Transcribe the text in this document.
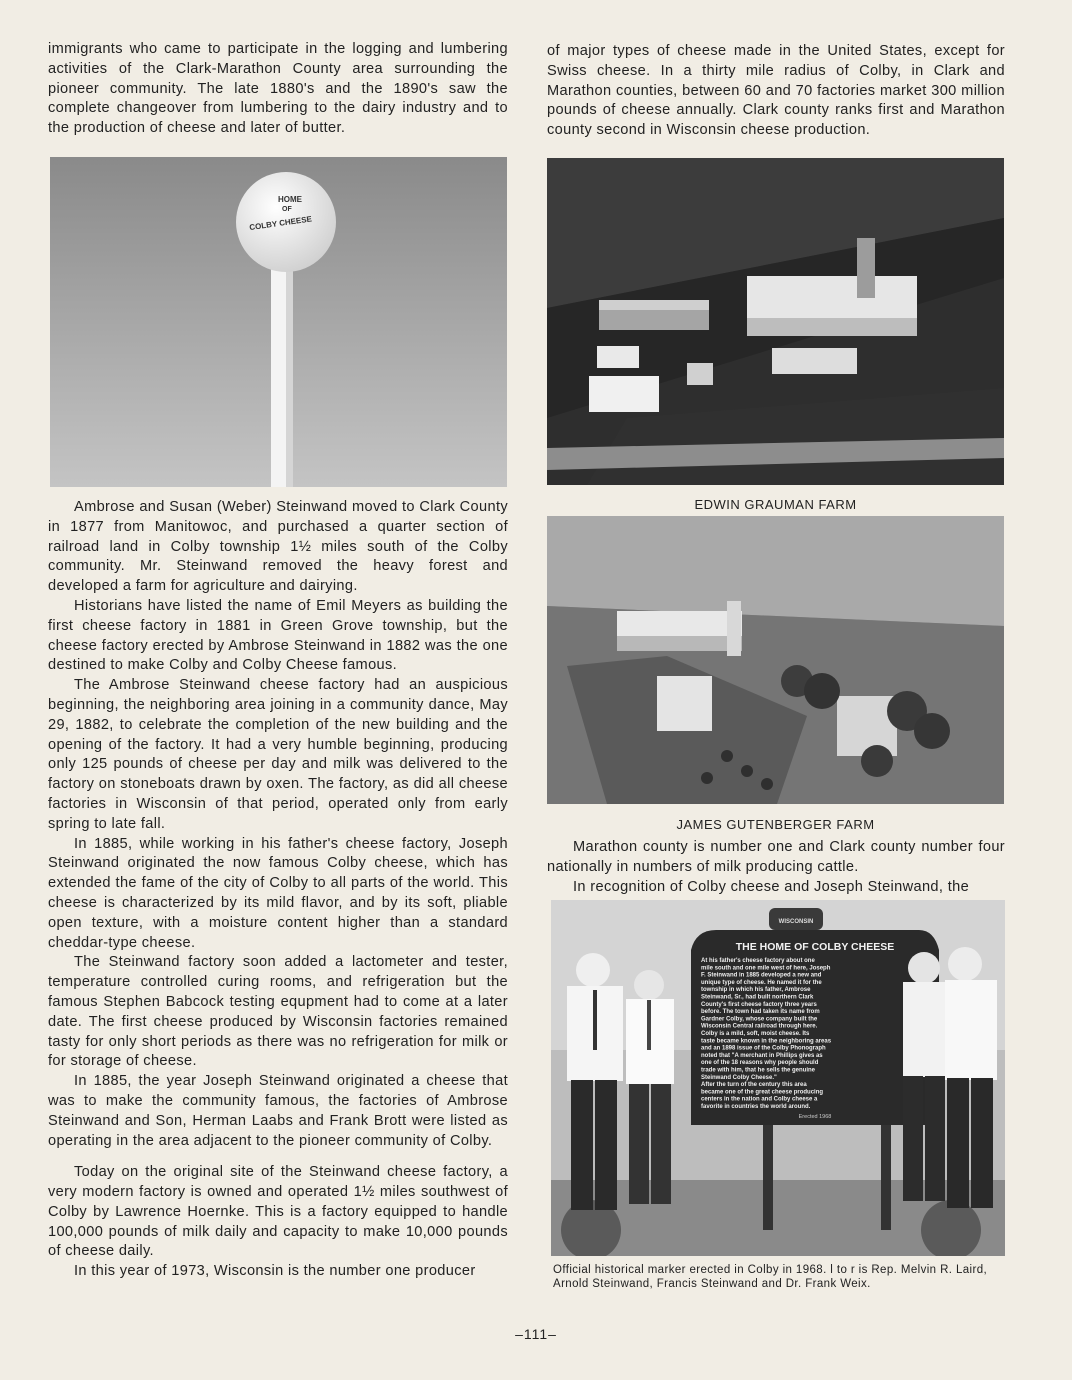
immigrants who came to participate in the logging and lumbering activities of the Clark-Marathon County area surrounding the pioneer community. The late 1880's and the 1890's saw the complete changeover from lumbering to the dairy industry and to the production of cheese and later of butter.

HOME
OF
COLBY CHEESE

Ambrose and Susan (Weber) Steinwand moved to Clark County in 1877 from Manitowoc, and purchased a quarter section of railroad land in Colby township 1½ miles south of the Colby community. Mr. Steinwand removed the heavy forest and developed a farm for agriculture and dairying.

Historians have listed the name of Emil Meyers as building the first cheese factory in 1881 in Green Grove township, but the cheese factory erected by Ambrose Steinwand in 1882 was the one destined to make Colby and Colby Cheese famous.

The Ambrose Steinwand cheese factory had an auspicious beginning, the neighboring area joining in a community dance, May 29, 1882, to celebrate the completion of the new building and the opening of the factory. It had a very humble beginning, producing only 125 pounds of cheese per day and milk was delivered to the factory on stoneboats drawn by oxen. The factory, as did all cheese factories in Wisconsin of that period, operated only from early spring to late fall.

In 1885, while working in his father's cheese factory, Joseph Steinwand originated the now famous Colby cheese, which has extended the fame of the city of Colby to all parts of the world. This cheese is characterized by its mild flavor, and by its soft, pliable open texture, with a moisture content higher than a standard cheddar-type cheese.

The Steinwand factory soon added a lactometer and tester, temperature controlled curing rooms, and refrigeration but the famous Stephen Babcock testing equpment had to come at a later date. The first cheese produced by Wisconsin factories remained tasty for only short periods as there was no refrigeration for milk or for storage of cheese.

In 1885, the year Joseph Steinwand originated a cheese that was to make the community famous, the factories of Ambrose Steinwand and Son, Herman Laabs and Frank Brott were listed as operating in the area adjacent to the pioneer community of Colby.

Today on the original site of the Steinwand cheese factory, a very modern factory is owned and operated 1½ miles southwest of Colby by Lawrence Hoernke. This is a factory equipped to handle 100,000 pounds of milk daily and capacity to make 10,000 pounds of cheese daily.

In this year of 1973, Wisconsin is the number one producer

of major types of cheese made in the United States, except for Swiss cheese. In a thirty mile radius of Colby, in Clark and Marathon counties, between 60 and 70 factories market 300 million pounds of cheese annually. Clark county ranks first and Marathon county second in Wisconsin cheese production.

EDWIN GRAUMAN FARM
JAMES GUTENBERGER FARM

Marathon county is number one and Clark county number four nationally in numbers of milk producing cattle.

In recognition of Colby cheese and Joseph Steinwand, the

WISCONSIN
THE HOME OF COLBY CHEESE
At his father's cheese factory about one
mile south and one mile west of here, Joseph
F. Steinwand in 1885 developed a new and
unique type of cheese. He named it for the
township in which his father, Ambrose
Steinwand, Sr., had built northern Clark
County's first cheese factory three years
before. The town had taken its name from
Gardner Colby, whose company built the
Wisconsin Central railroad through here.
Colby is a mild, soft, moist cheese. Its
taste became known in the neighboring areas
and an 1898 issue of the Colby Phonograph
noted that "A merchant in Phillips gives as
one of the 18 reasons why people should
trade with him, that he sells the genuine
Steinwand Colby Cheese."
After the turn of the century this area
became one of the great cheese producing
centers in the nation and Colby cheese a
favorite in countries the world around.
Erected 1968
Official historical marker erected in Colby in 1968. l to r is Rep. Melvin R. Laird, Arnold Steinwand, Francis Steinwand and Dr. Frank Weix.
–111–
